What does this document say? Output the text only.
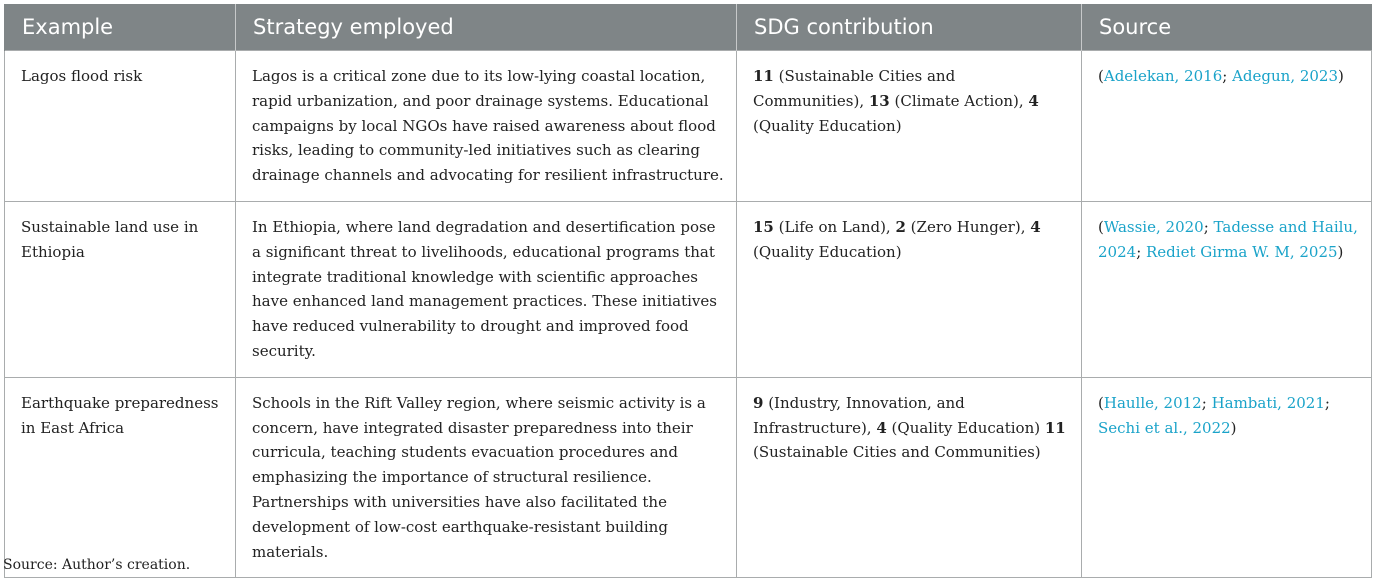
Example	Strategy employed	SDG contribution	Source
Lagos flood risk	Lagos is a critical zone due to its low-lying coastal location, rapid urbanization, and poor drainage systems. Educational campaigns by local NGOs have raised awareness about flood risks, leading to community-led initiatives such as clearing drainage channels and advocating for resilient infrastructure.	11 (Sustainable Cities and Communities), 13 (Climate Action), 4 (Quality Education)	(Adelekan, 2016; Adegun, 2023)
Sustainable land use in Ethiopia	In Ethiopia, where land degradation and desertification pose a significant threat to livelihoods, educational programs that integrate traditional knowledge with scientific approaches have enhanced land management practices. These initiatives have reduced vulnerability to drought and improved food security.	15 (Life on Land), 2 (Zero Hunger), 4 (Quality Education)	(Wassie, 2020; Tadesse and Hailu, 2024; Rediet Girma W. M, 2025)
Earthquake preparedness in East Africa	Schools in the Rift Valley region, where seismic activity is a concern, have integrated disaster preparedness into their curricula, teaching students evacuation procedures and emphasizing the importance of structural resilience. Partnerships with universities have also facilitated the development of low-cost earthquake-resistant building materials.	9 (Industry, Innovation, and Infrastructure), 4 (Quality Education) 11 (Sustainable Cities and Communities)	(Haulle, 2012; Hambati, 2021; Sechi et al., 2022)
Source: Author’s creation.
